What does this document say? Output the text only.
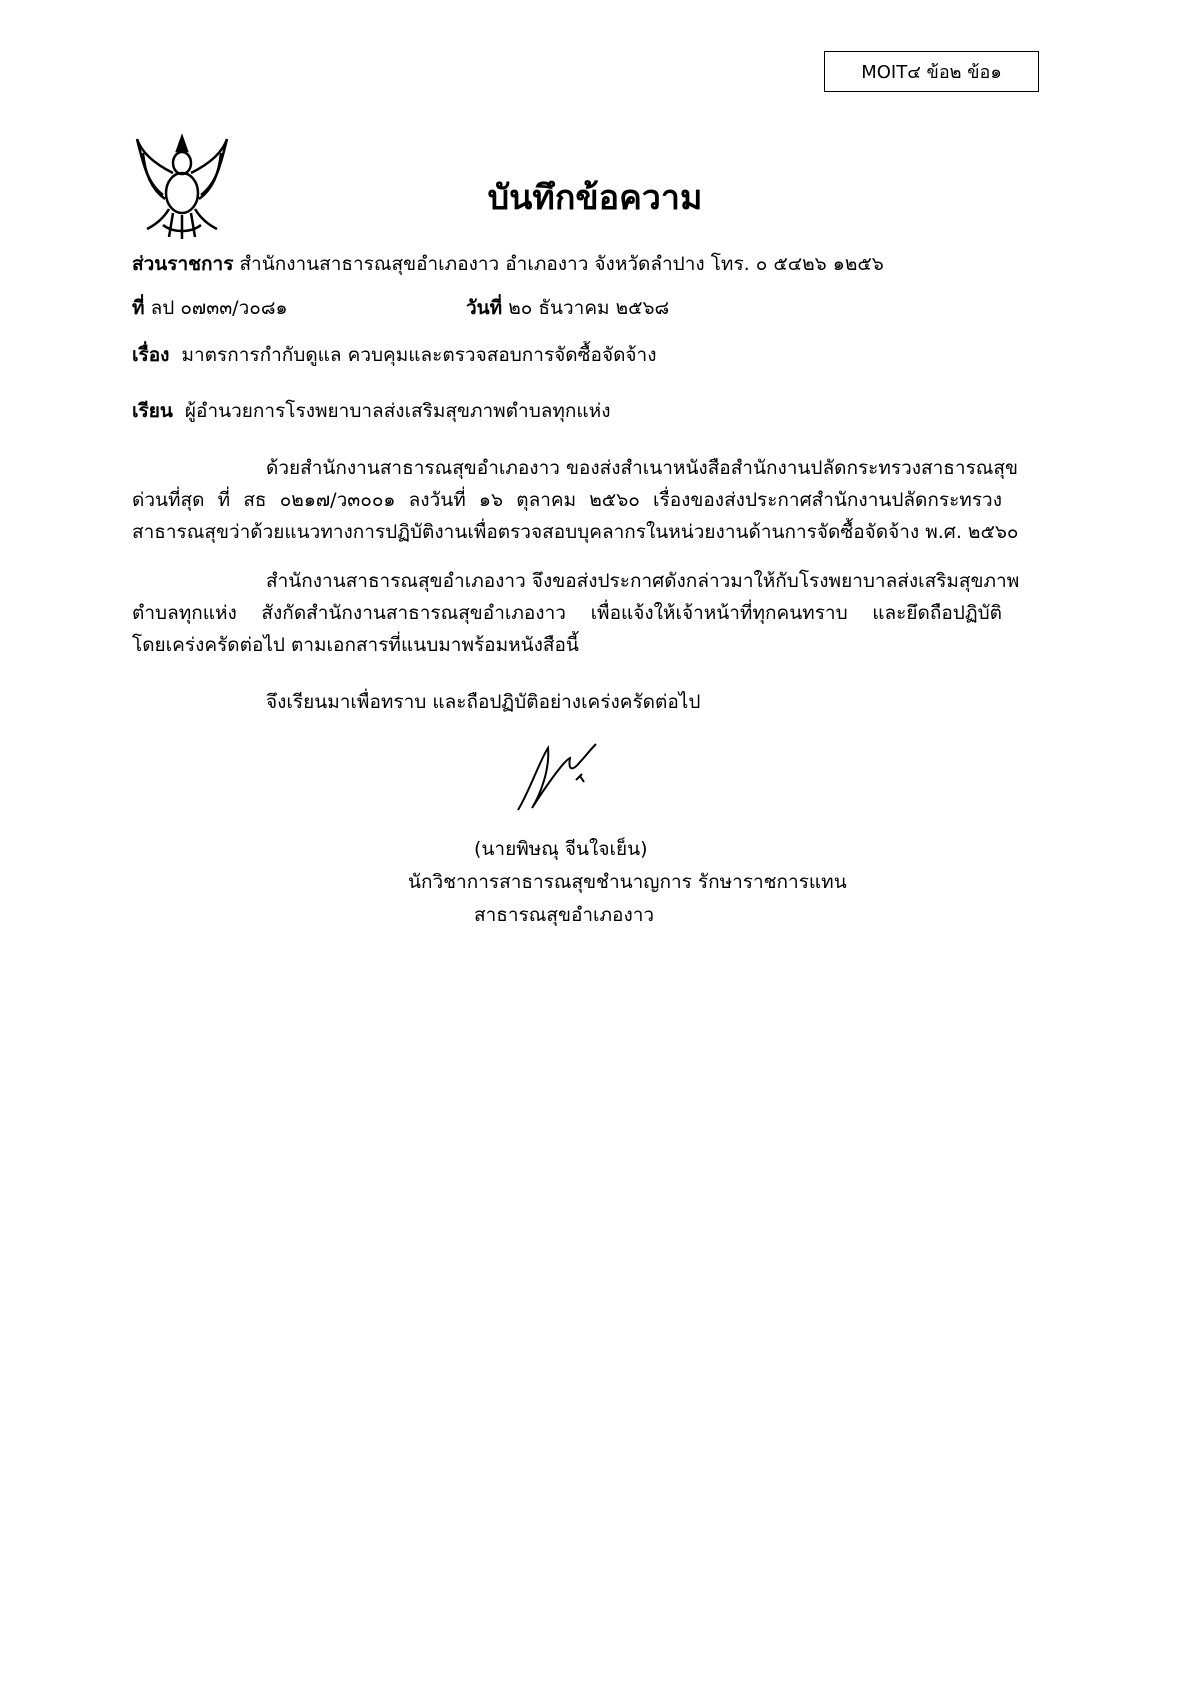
MOIT๔ ข้อ๒ ข้อ๑
บันทึกข้อความ
ส่วนราชการ สำนักงานสาธารณสุขอำเภองาว อำเภองาว จังหวัดลำปาง โทร. ๐ ๕๔๒๖ ๑๒๕๖
ที่ ลป ๐๗๓๓/ว๐๘๑	วันที่ ๒๐ ธันวาคม ๒๕๖๘
เรื่อง มาตรการกำกับดูแล ควบคุมและตรวจสอบการจัดซื้อจัดจ้าง
เรียน ผู้อำนวยการโรงพยาบาลส่งเสริมสุขภาพตำบลทุกแห่ง
ด้วยสำนักงานสาธารณสุขอำเภองาว ของส่งสำเนาหนังสือสำนักงานปลัดกระทรวงสาธารณสุข
ด่วนที่สุด ที่ สธ ๐๒๑๗/ว๓๐๐๑ ลงวันที่ ๑๖ ตุลาคม ๒๕๖๐ เรื่องของส่งประกาศสำนักงานปลัดกระทรวง
สาธารณสุขว่าด้วยแนวทางการปฏิบัติงานเพื่อตรวจสอบบุคลากรในหน่วยงานด้านการจัดซื้อจัดจ้าง พ.ศ. ๒๕๖๐
สำนักงานสาธารณสุขอำเภองาว จึงขอส่งประกาศดังกล่าวมาให้กับโรงพยาบาลส่งเสริมสุขภาพ
ตำบลทุกแห่ง สังกัดสำนักงานสาธารณสุขอำเภองาว เพื่อแจ้งให้เจ้าหน้าที่ทุกคนทราบ และยึดถือปฏิบัติ
โดยเคร่งครัดต่อไป ตามเอกสารที่แนบมาพร้อมหนังสือนี้
จึงเรียนมาเพื่อทราบ และถือปฏิบัติอย่างเคร่งครัดต่อไป
(นายพิษณุ จีนใจเย็น)
นักวิชาการสาธารณสุขชำนาญการ รักษาราชการแทน
สาธารณสุขอำเภองาว
